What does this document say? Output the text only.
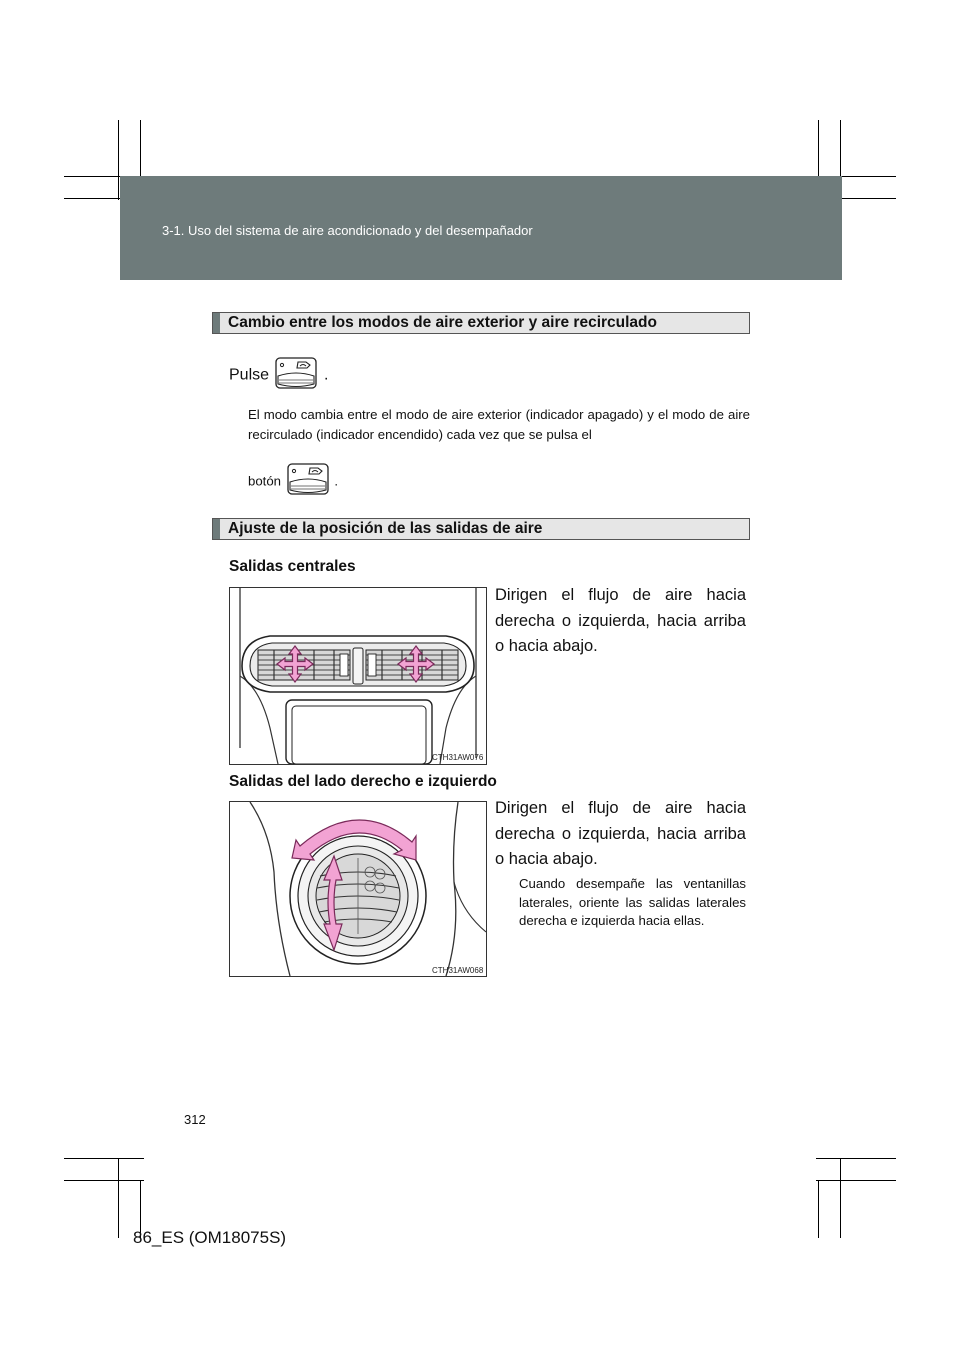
3-1. Uso del sistema de aire acondicionado y del desempañador
Cambio entre los modos de aire exterior y aire recirculado
Pulse	.
El modo cambia entre el modo de aire exterior (indicador apagado) y el modo de aire recirculado (indicador encendido) cada vez que se pulsa el
botón	.
Ajuste de la posición de las salidas de aire
Salidas centrales
Dirigen el flujo de aire hacia derecha o izquierda, hacia arriba o hacia abajo.
CTH31AW076
Salidas del lado derecho e izquierdo
Dirigen el flujo de aire hacia derecha o izquierda, hacia arriba o hacia abajo.
Cuando desempañe las ventanillas laterales, oriente las salidas laterales derecha e izquierda hacia ellas.
CTH31AW068
312
86_ES (OM18075S)
